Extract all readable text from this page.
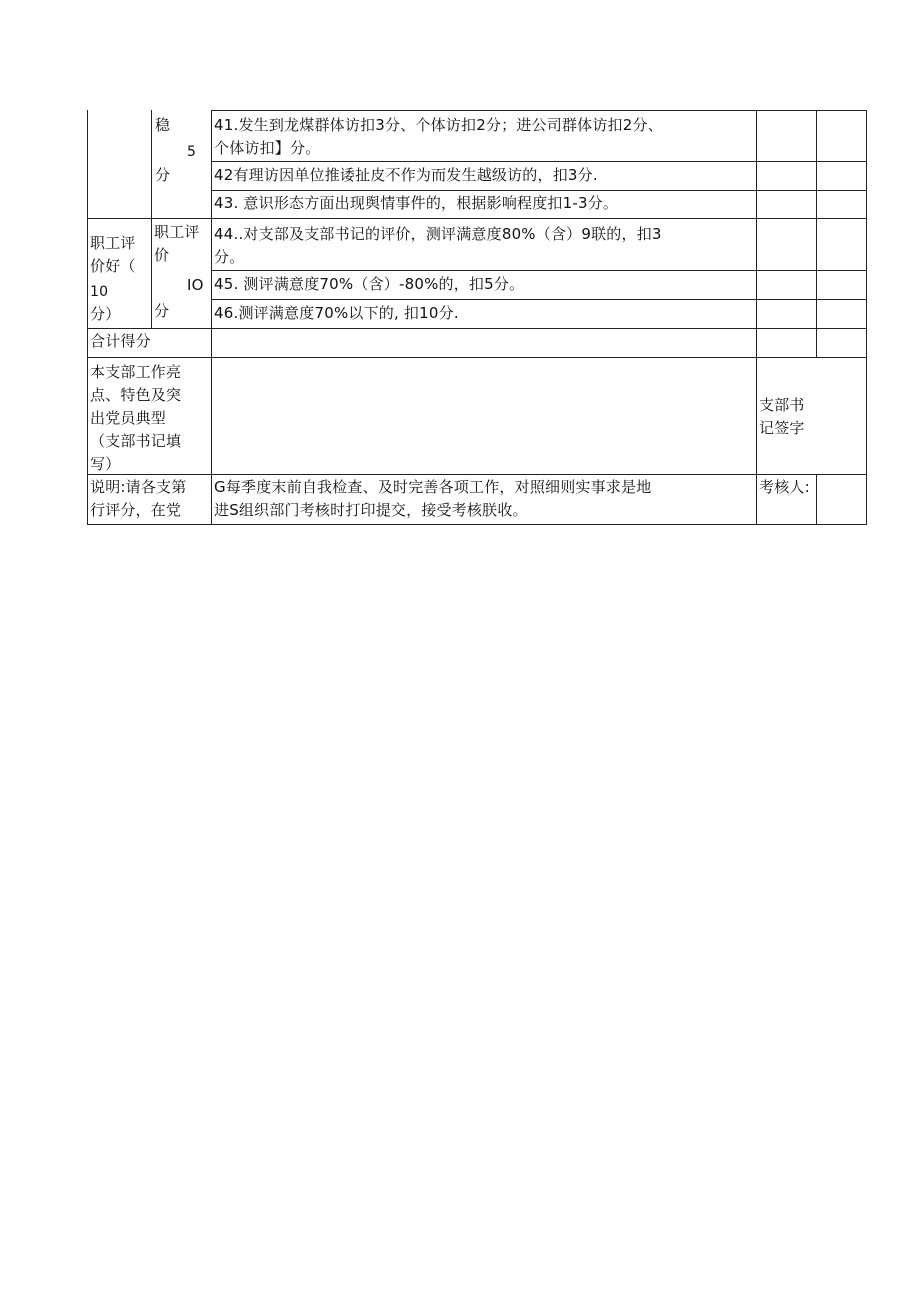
稳
5
分
41.发生到龙煤群体访扣3分、个体访扣2分；进公司群体访扣2分、
个体访扣】分。
42有理访因单位推诿扯皮不作为而发生越级访的，扣3分.
43. 意识形态方面出现舆情事件的，根据影响程度扣1-3分。
职工评
价好（
10
分）
职工评
价
IO
分
44..对支部及支部书记的评价，测评满意度80%（含）9联的，扣3
分。
45. 测评满意度70%（含）-80%的，扣5分。
46.测评满意度70%以下的, 扣10分.
合计得分
本支部工作亮
点、特色及突
出党员典型
（支部书记填
写）
支部书
记签字
说明:请各支第
行评分，在党
G每季度末前自我检查、及时完善各项工作，对照细则实事求是地
进S组织部门考核时打印提交，接受考核朕收。
考核人:
